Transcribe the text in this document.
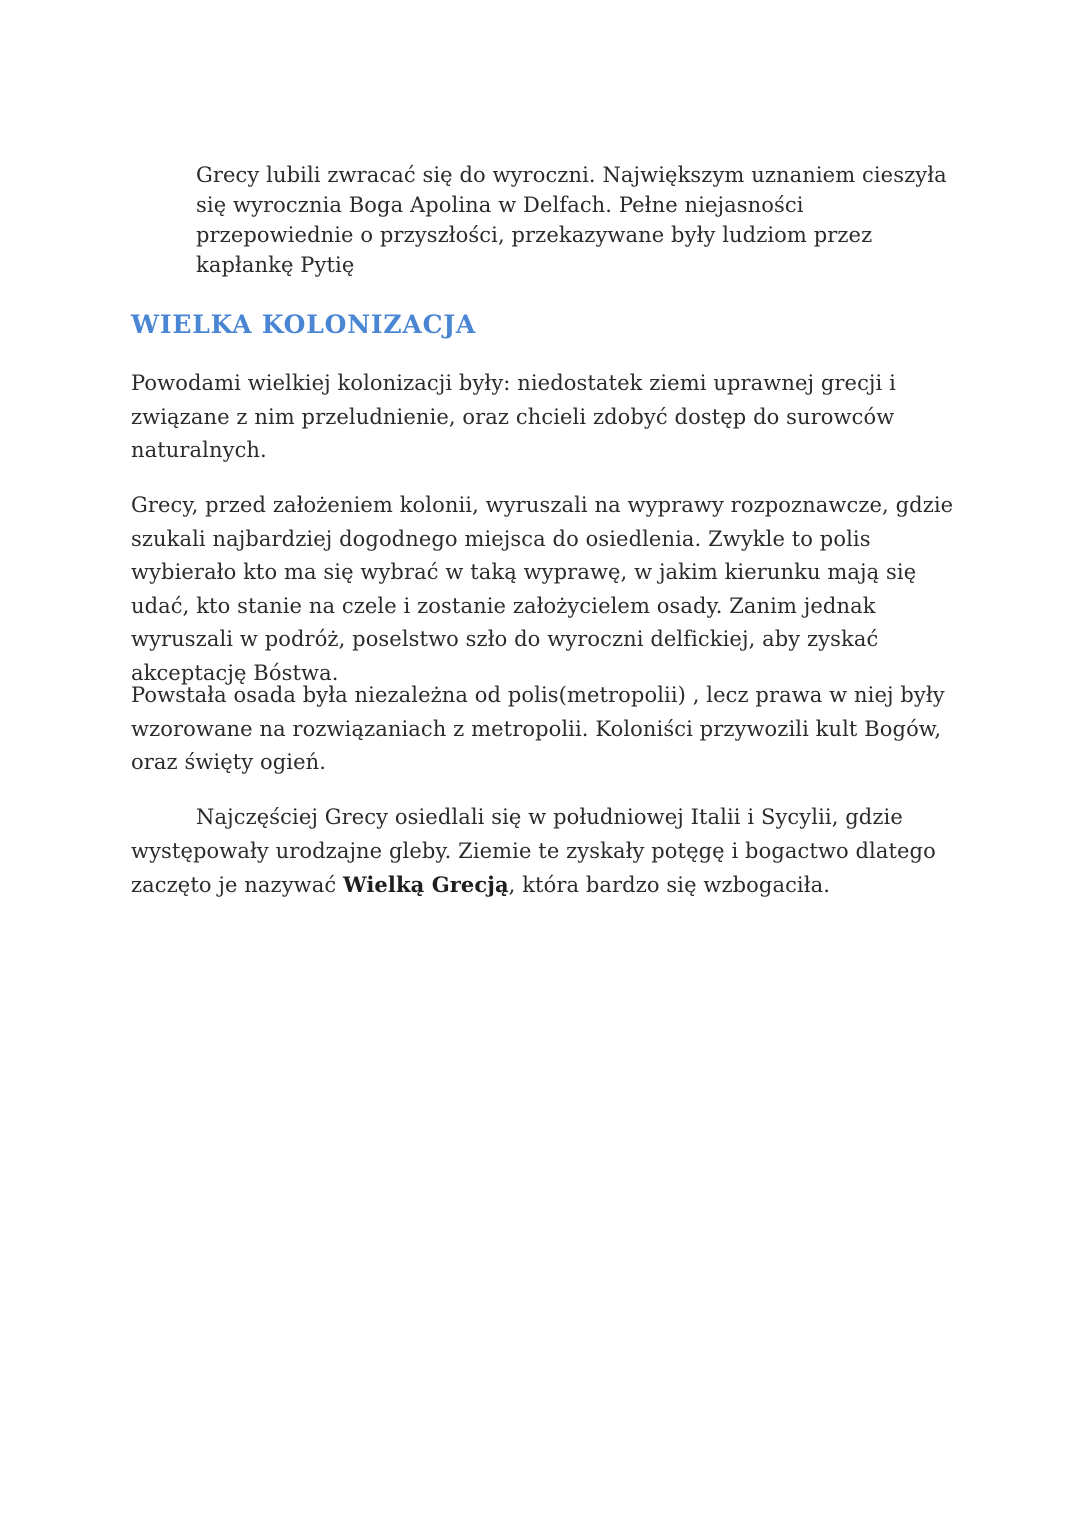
Grecy lubili zwracać się do wyroczni. Największym uznaniem cieszyła się wyrocznia Boga Apolina w Delfach. Pełne niejasności przepowiednie o przyszłości, przekazywane były ludziom przez kapłankę Pytię

WIELKA KOLONIZACJA

Powodami wielkiej kolonizacji były: niedostatek ziemi uprawnej grecji i związane z nim przeludnienie, oraz chcieli zdobyć dostęp do surowców naturalnych.

Grecy, przed założeniem kolonii, wyruszali na wyprawy rozpoznawcze, gdzie szukali najbardziej dogodnego miejsca do osiedlenia. Zwykle to polis wybierało kto ma się wybrać w taką wyprawę, w jakim kierunku mają się udać, kto stanie na czele i zostanie założycielem osady. Zanim jednak wyruszali w podróż, poselstwo szło do wyroczni delfickiej, aby zyskać akceptację Bóstwa.

Powstała osada była niezależna od polis(metropolii) , lecz prawa w niej były wzorowane na rozwiązaniach z metropolii. Koloniści przywozili kult Bogów, oraz święty ogień.

Najczęściej Grecy osiedlali się w południowej Italii i Sycylii, gdzie występowały urodzajne gleby. Ziemie te zyskały potęgę i bogactwo dlatego zaczęto je nazywać Wielką Grecją, która bardzo się wzbogaciła.
